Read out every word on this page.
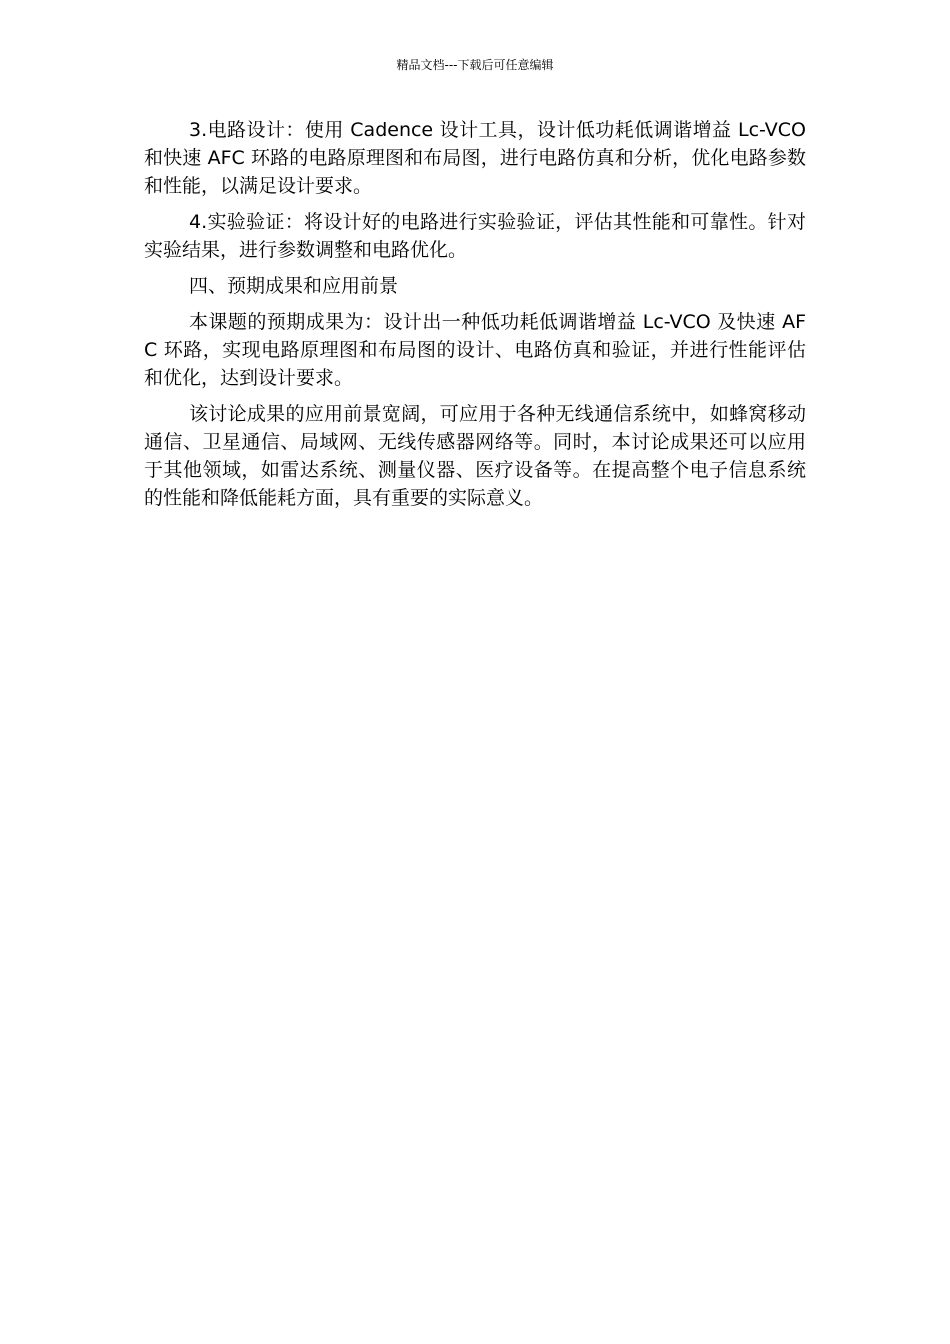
精品文档---下载后可任意编辑

3.电路设计：使用 Cadence 设计工具，设计低功耗低调谐增益 Lc-VCO 和快速 AFC 环路的电路原理图和布局图，进行电路仿真和分析，优化电路参数和性能，以满足设计要求。

4.实验验证：将设计好的电路进行实验验证，评估其性能和可靠性。针对实验结果，进行参数调整和电路优化。

四、预期成果和应用前景

本课题的预期成果为：设计出一种低功耗低调谐增益 Lc-VCO 及快速 AFC 环路，实现电路原理图和布局图的设计、电路仿真和验证，并进行性能评估和优化，达到设计要求。

该讨论成果的应用前景宽阔，可应用于各种无线通信系统中，如蜂窝移动通信、卫星通信、局域网、无线传感器网络等。同时，本讨论成果还可以应用于其他领域，如雷达系统、测量仪器、医疗设备等。在提高整个电子信息系统的性能和降低能耗方面，具有重要的实际意义。
